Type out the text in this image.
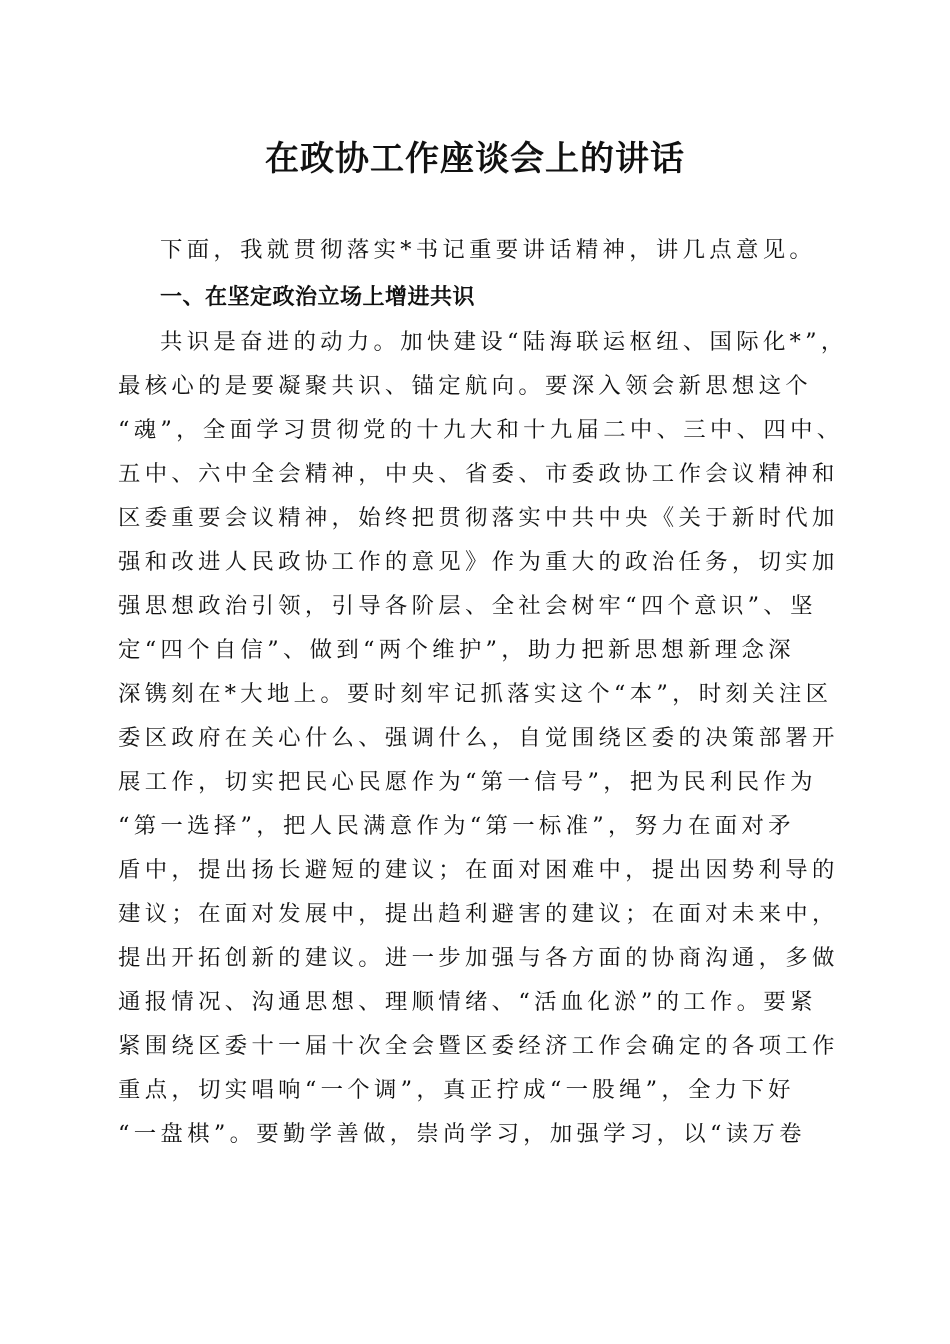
在政协工作座谈会上的讲话

下面，我就贯彻落实*书记重要讲话精神，讲几点意见。

一、在坚定政治立场上增进共识
共识是奋进的动力。加快建设“陆海联运枢纽、国际化*”，
最核心的是要凝聚共识、锚定航向。要深入领会新思想这个
“魂”，全面学习贯彻党的十九大和十九届二中、三中、四中、
五中、六中全会精神，中央、省委、市委政协工作会议精神和
区委重要会议精神，始终把贯彻落实中共中央《关于新时代加
强和改进人民政协工作的意见》作为重大的政治任务，切实加
强思想政治引领，引导各阶层、全社会树牢“四个意识”、坚
定“四个自信”、做到“两个维护”，助力把新思想新理念深
深镌刻在*大地上。要时刻牢记抓落实这个“本”，时刻关注区
委区政府在关心什么、强调什么，自觉围绕区委的决策部署开
展工作，切实把民心民愿作为“第一信号”，把为民利民作为
“第一选择”，把人民满意作为“第一标准”，努力在面对矛
盾中，提出扬长避短的建议；在面对困难中，提出因势利导的
建议；在面对发展中，提出趋利避害的建议；在面对未来中，
提出开拓创新的建议。进一步加强与各方面的协商沟通，多做
通报情况、沟通思想、理顺情绪、“活血化淤”的工作。要紧
紧围绕区委十一届十次全会暨区委经济工作会确定的各项工作
重点，切实唱响“一个调”，真正拧成“一股绳”，全力下好
“一盘棋”。要勤学善做，崇尚学习，加强学习，以“读万卷
